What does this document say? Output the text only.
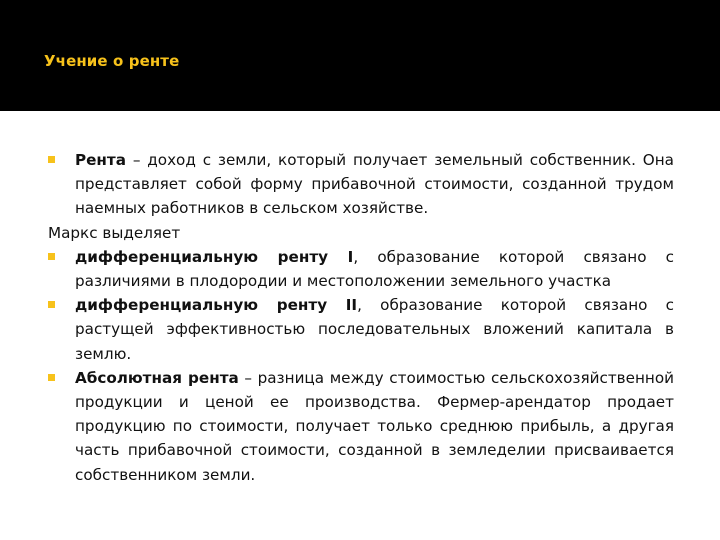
Учение о ренте
Рента – доход с земли, который получает земельный собственник. Она представляет собой форму прибавочной стоимости, созданной трудом наемных работников в сельском хозяйстве.
Маркс выделяет
дифференциальную ренту I, образование которой связано с различиями в плодородии и местоположении земельного участка
дифференциальную ренту II, образование которой связано с растущей эффективностью последовательных вложений капитала в землю.
Абсолютная рента – разница между стоимостью сельскохозяйственной продукции и ценой ее производства. Фермер-арендатор продает продукцию по стоимости, получает только среднюю прибыль, а другая часть прибавочной стоимости, созданной в земледелии присваивается собственником земли.
